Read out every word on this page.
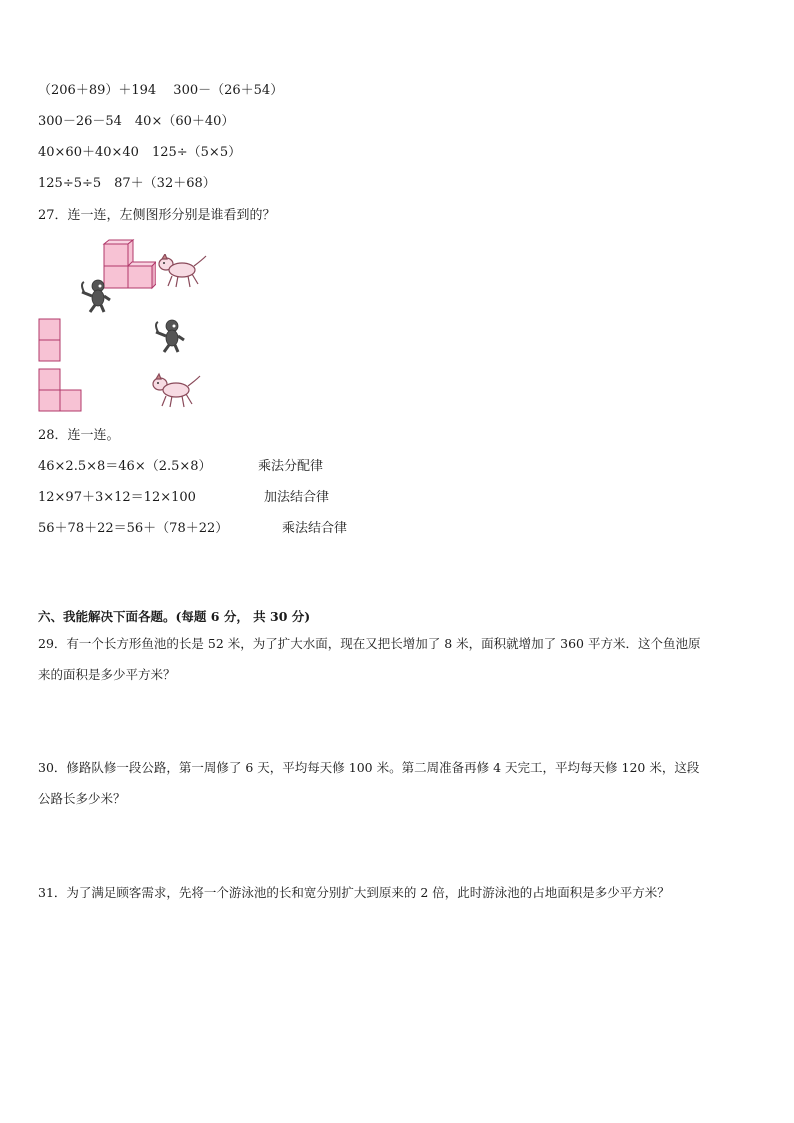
（206＋89）＋194　 300－（26＋54）
300－26－54　40×（60＋40）
40×60＋40×40　125÷（5×5）
125÷5÷5　87＋（32＋68）
27．连一连，左侧图形分别是谁看到的？
28．连一连。
46×2.5×8＝46×（2.5×8）	乘法分配律
12×97＋3×12＝12×100	加法结合律
56＋78＋22＝56＋（78＋22）	乘法结合律
六、我能解决下面各题。(每题 6 分， 共 30 分)
29．有一个长方形鱼池的长是 52 米，为了扩大水面，现在又把长增加了 8 米，面积就增加了 360 平方米．这个鱼池原
来的面积是多少平方米？
30．修路队修一段公路，第一周修了 6 天，平均每天修 100 米。第二周准备再修 4 天完工，平均每天修 120 米，这段
公路长多少米？
31．为了满足顾客需求，先将一个游泳池的长和宽分别扩大到原来的 2 倍，此时游泳池的占地面积是多少平方米？
